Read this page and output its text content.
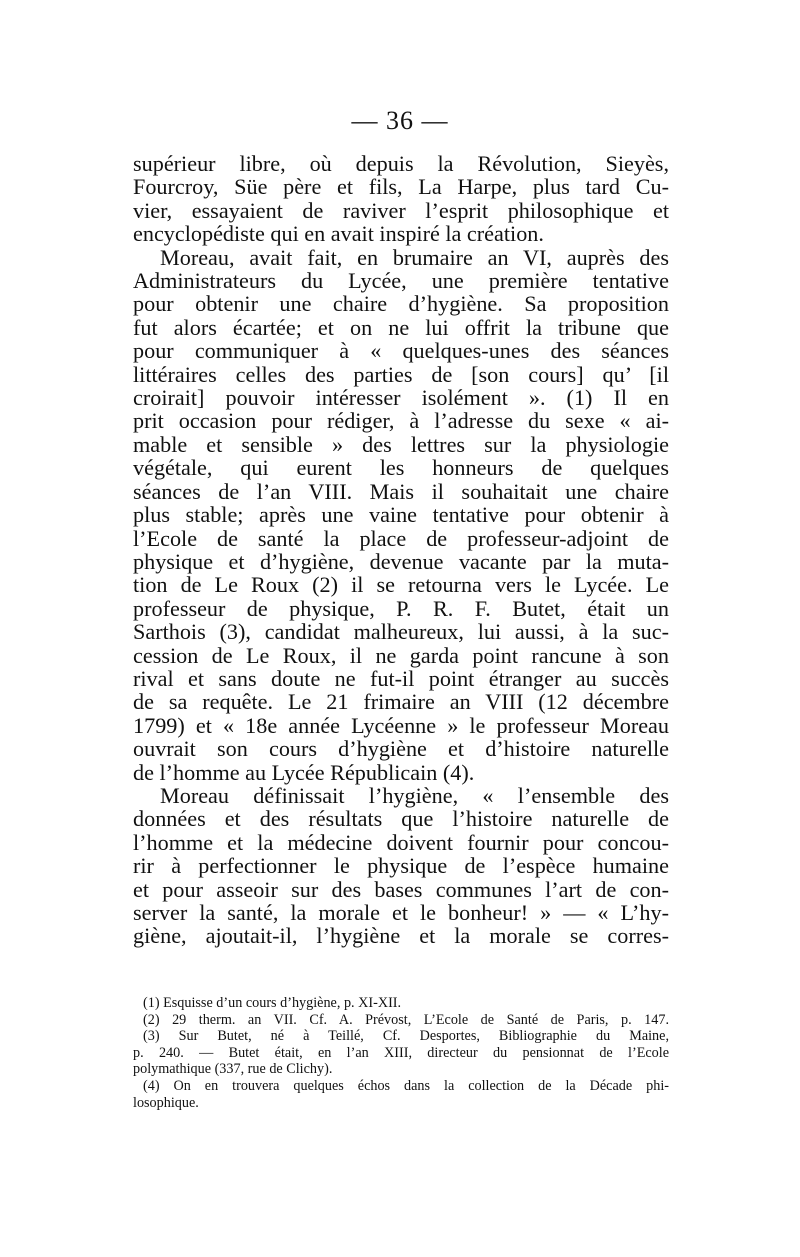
— 36 —
supérieur libre, où depuis la Révolution, Sieyès,
Fourcroy, Süe père et fils, La Harpe, plus tard Cu-
vier, essayaient de raviver l’esprit philosophique et
encyclopédiste qui en avait inspiré la création.
Moreau, avait fait, en brumaire an VI, auprès des
Administrateurs du Lycée, une première tentative
pour obtenir une chaire d’hygiène. Sa proposition
fut alors écartée; et on ne lui offrit la tribune que
pour communiquer à « quelques-unes des séances
littéraires celles des parties de [son cours] qu’ [il
croirait] pouvoir intéresser isolément ». (1) Il en
prit occasion pour rédiger, à l’adresse du sexe « ai-
mable et sensible » des lettres sur la physiologie
végétale, qui eurent les honneurs de quelques
séances de l’an VIII. Mais il souhaitait une chaire
plus stable; après une vaine tentative pour obtenir à
l’Ecole de santé la place de professeur-adjoint de
physique et d’hygiène, devenue vacante par la muta-
tion de Le Roux (2) il se retourna vers le Lycée. Le
professeur de physique, P. R. F. Butet, était un
Sarthois (3), candidat malheureux, lui aussi, à la suc-
cession de Le Roux, il ne garda point rancune à son
rival et sans doute ne fut-il point étranger au succès
de sa requête. Le 21 frimaire an VIII (12 décembre
1799) et « 18e année Lycéenne » le professeur Moreau
ouvrait son cours d’hygiène et d’histoire naturelle
de l’homme au Lycée Républicain (4).
Moreau définissait l’hygiène, « l’ensemble des
données et des résultats que l’histoire naturelle de
l’homme et la médecine doivent fournir pour concou-
rir à perfectionner le physique de l’espèce humaine
et pour asseoir sur des bases communes l’art de con-
server la santé, la morale et le bonheur! » — « L’hy-
giène, ajoutait-il, l’hygiène et la morale se corres-
(1) Esquisse d’un cours d’hygiène, p. XI-XII.
(2) 29 therm. an VII. Cf. A. Prévost, L’Ecole de Santé de Paris, p. 147.
(3) Sur Butet, né à Teillé, Cf. Desportes, Bibliographie du Maine,
p. 240. — Butet était, en l’an XIII, directeur du pensionnat de l’Ecole
polymathique (337, rue de Clichy).
(4) On en trouvera quelques échos dans la collection de la Décade phi-
losophique.
